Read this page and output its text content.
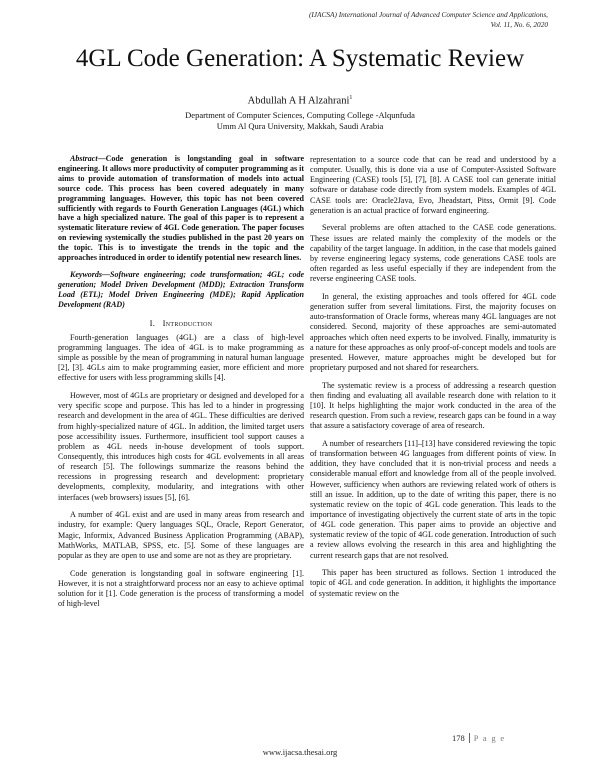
(IJACSA) International Journal of Advanced Computer Science and Applications,
Vol. 11, No. 6, 2020
4GL Code Generation: A Systematic Review
Abdullah A H Alzahrani$^1$
Department of Computer Sciences, Computing College -Alqunfuda
Umm Al Qura University, Makkah, Saudi Arabia

Abstract—Code generation is longstanding goal in software engineering. It allows more productivity of computer programming as it aims to provide automation of transformation of models into actual source code. This process has been covered adequately in many programming languages. However, this topic has not been covered sufficiently with regards to Fourth Generation Languages (4GL) which have a high specialized nature. The goal of this paper is to represent a systematic literature review of 4GL Code generation. The paper focuses on reviewing systemically the studies published in the past 20 years on the topic. This is to investigate the trends in the topic and the approaches introduced in order to identify potential new research lines.

Keywords—Software engineering; code transformation; 4GL; code generation; Model Driven Development (MDD); Extraction Transform Load (ETL); Model Driven Engineering (MDE); Rapid Application Development (RAD)

I. Introduction

Fourth-generation languages (4GL) are a class of high-level programming languages. The idea of 4GL is to make programming as simple as possible by the mean of programming in natural human language [2], [3]. 4GLs aim to make programming easier, more efficient and more effective for users with less programming skills [4].

However, most of 4GLs are proprietary or designed and developed for a very specific scope and purpose. This has led to a hinder in progressing research and development in the area of 4GL. These difficulties are derived from highly-specialized nature of 4GL. In addition, the limited target users pose accessibility issues. Furthermore, insufficient tool support causes a problem as 4GL needs in-house development of tools support. Consequently, this introduces high costs for 4GL evolvements in all areas of research [5]. The followings summarize the reasons behind the recessions in progressing research and development: proprietary developments, complexity, modularity, and integrations with other interfaces (web browsers) issues [5], [6].

A number of 4GL exist and are used in many areas from research and industry, for example: Query languages SQL, Oracle, Report Generator, Magic, Informix, Advanced Business Application Programming (ABAP), MathWorks, MATLAB, SPSS, etc. [5]. Some of these languages are popular as they are open to use and some are not as they are proprietary.

Code generation is longstanding goal in software engineering [1]. However, it is not a straightforward process nor an easy to achieve optimal solution for it [1]. Code generation is the process of transforming a model of high-level

representation to a source code that can be read and understood by a computer. Usually, this is done via a use of Computer-Assisted Software Engineering (CASE) tools [5], [7], [8]. A CASE tool can generate initial software or database code directly from system models. Examples of 4GL CASE tools are: Oracle2Java, Evo, Jheadstart, Pitss, Ormit [9]. Code generation is an actual practice of forward engineering.

Several problems are often attached to the CASE code generations. These issues are related mainly the complexity of the models or the capability of the target language. In addition, in the case that models gained by reverse engineering legacy systems, code generations CASE tools are often regarded as less useful especially if they are independent from the reverse engineering CASE tools.

In general, the existing approaches and tools offered for 4GL code generation suffer from several limitations. First, the majority focuses on auto-transformation of Oracle forms, whereas many 4GL languages are not considered. Second, majority of these approaches are semi-automated approaches which often need experts to be involved. Finally, immaturity is a nature for these approaches as only proof-of-concept models and tools are presented. However, mature approaches might be developed but for proprietary purposed and not shared for researchers.

The systematic review is a process of addressing a research question then finding and evaluating all available research done with relation to it [10]. It helps highlighting the major work conducted in the area of the research question. From such a review, research gaps can be found in a way that assure a satisfactory coverage of area of research.

A number of researchers [11]–[13] have considered reviewing the topic of transformation between 4G languages from different points of view. In addition, they have concluded that it is non-trivial process and needs a considerable manual effort and knowledge from all of the people involved. However, sufficiency when authors are reviewing related work of others is still an issue. In addition, up to the date of writing this paper, there is no systematic review on the topic of 4GL code generation. This leads to the importance of investigating objectively the current state of arts in the topic of 4GL code generation. This paper aims to provide an objective and systematic review of the topic of 4GL code generation. Introduction of such a review allows evolving the research in this area and highlighting the current research gaps that are not resolved.

This paper has been structured as follows. Section 1 introduced the topic of 4GL and code generation. In addition, it highlights the importance of systematic review on the

178 P a g e
www.ijacsa.thesai.org
